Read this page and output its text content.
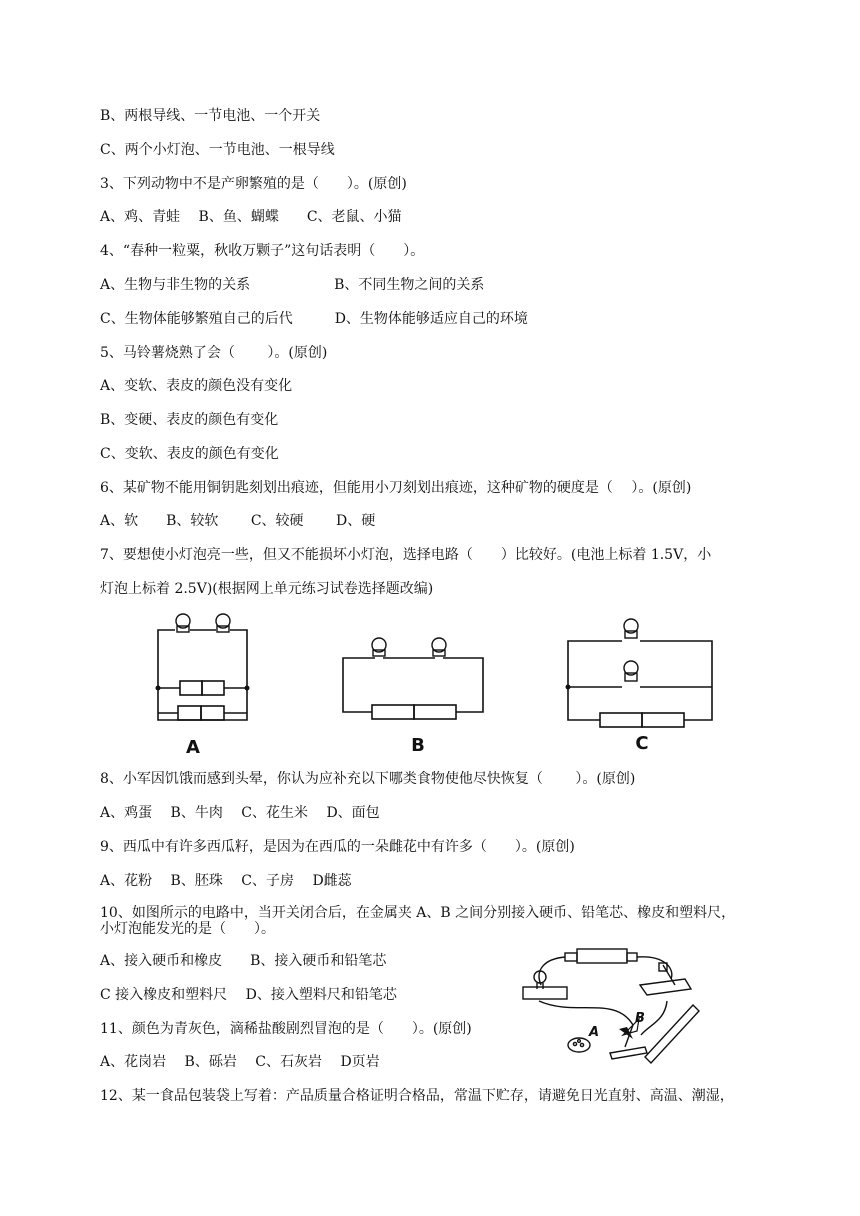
B、两根导线、一节电池、一个开关
C、两个小灯泡、一节电池、一根导线
3、下列动物中不是产卵繁殖的是（　　）。(原创)
A、鸡、青蛙　 B、鱼、蝴蝶　　C、老鼠、小猫
4、“春种一粒粟，秋收万颗子”这句话表明（　　）。
A、生物与非生物的关系　　　　　　B、不同生物之间的关系
C、生物体能够繁殖自己的后代　　　D、生物体能够适应自己的环境
5、马铃薯烧熟了会（　　 ）。(原创)
A、变软、表皮的颜色没有变化
B、变硬、表皮的颜色有变化
C、变软、表皮的颜色有变化
6、某矿物不能用铜钥匙刻划出痕迹，但能用小刀刻划出痕迹，这种矿物的硬度是（　 ）。(原创)
A、软　　B、较软　　 C、较硬　　 D、硬
7、要想使小灯泡亮一些，但又不能损坏小灯泡，选择电路（　　）比较好。(电池上标着 1.5V，小
灯泡上标着 2.5V)(根据网上单元练习试卷选择题改编)
8、小军因饥饿而感到头晕，你认为应补充以下哪类食物使他尽快恢复（　　 ）。(原创)
A、鸡蛋　 B、牛肉　 C、花生米　 D、面包
9、西瓜中有许多西瓜籽，是因为在西瓜的一朵雌花中有许多（　　）。(原创)
A、花粉　 B、胚珠　 C、子房　 D雌蕊
10、如图所示的电路中，当开关闭合后，在金属夹 A、B 之间分别接入硬币、铅笔芯、橡皮和塑料尺，
小灯泡能发光的是（　　）。
A、接入硬币和橡皮　　B、接入硬币和铅笔芯
C 接入橡皮和塑料尺　 D、接入塑料尺和铅笔芯
11、颜色为青灰色，滴稀盐酸剧烈冒泡的是（　　）。(原创)
A、花岗岩　 B、砾岩　 C、石灰岩　 D页岩
12、某一食品包装袋上写着：产品质量合格证明合格品，常温下贮存，请避免日光直射、高温、潮湿，
A	B	C
A
B
